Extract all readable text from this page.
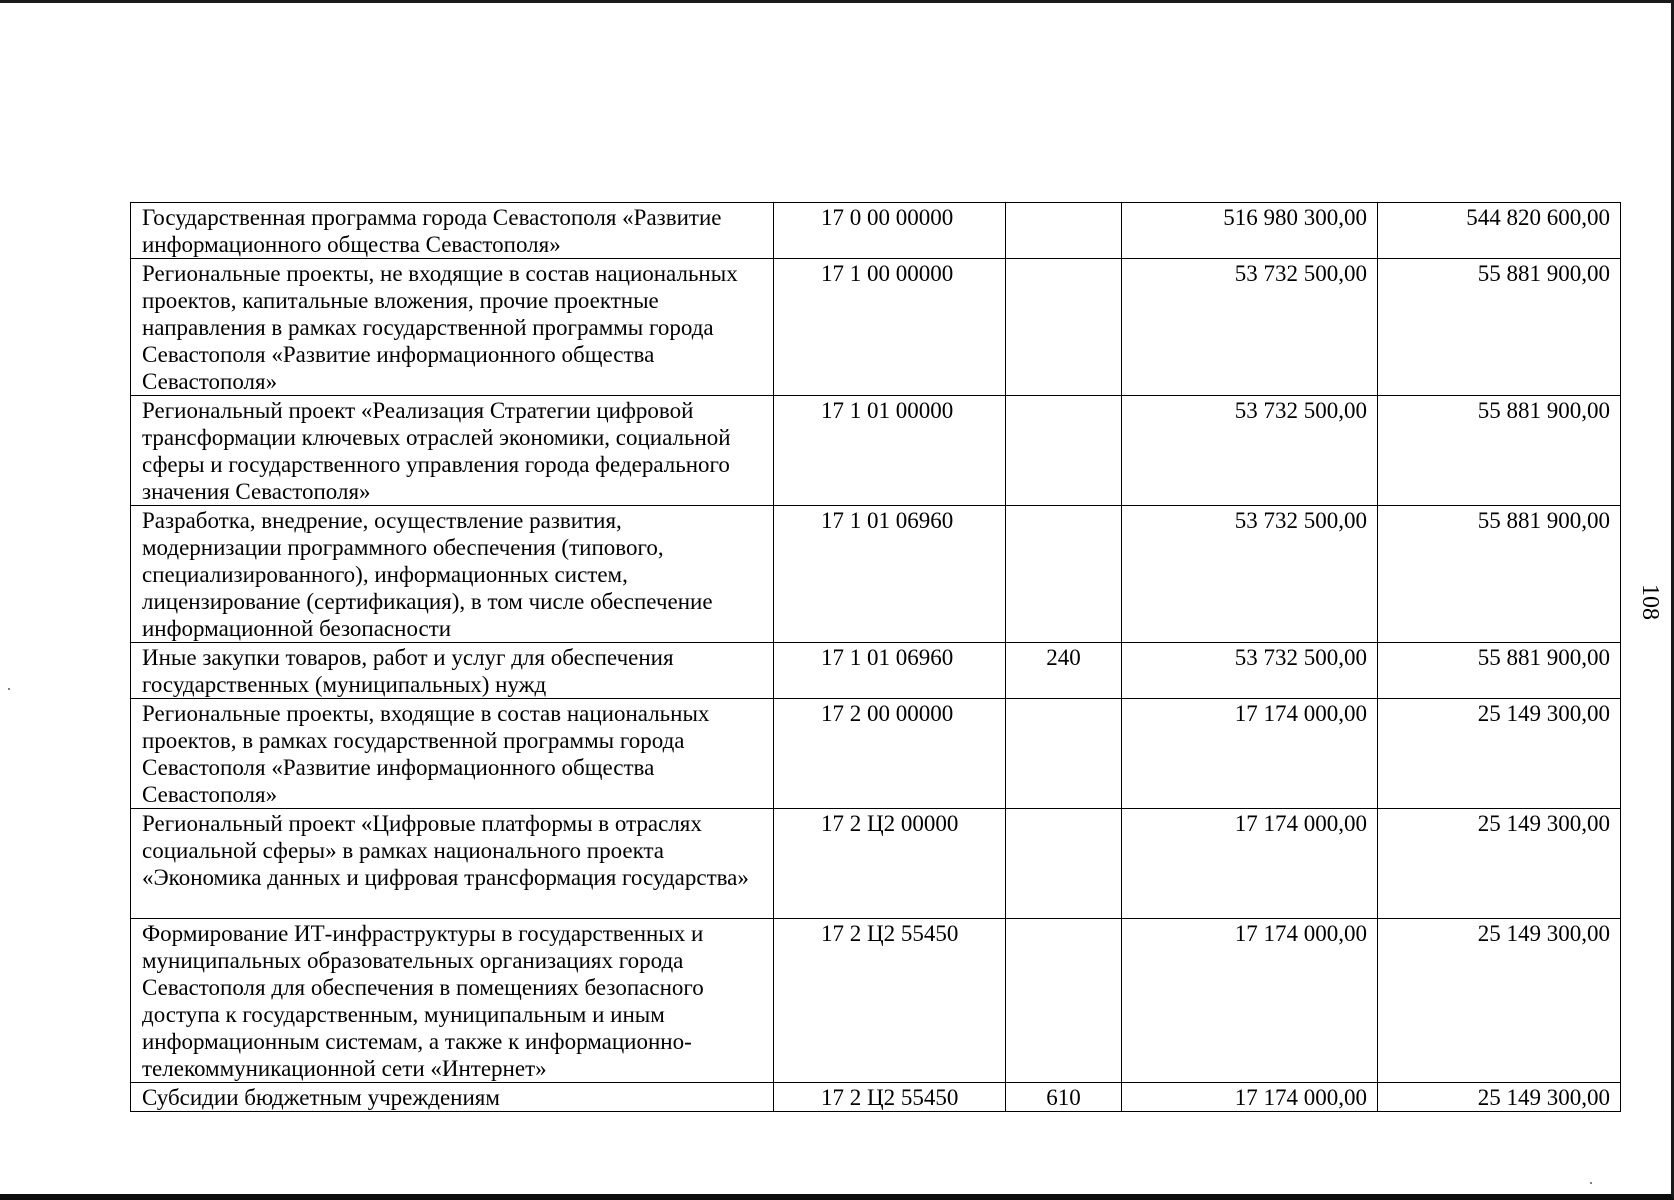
Государственная программа города Севастополя «Развитие информационного общества Севастополя»	17 0 00 00000		516 980 300,00	544 820 600,00
Региональные проекты, не входящие в состав национальных проектов, капитальные вложения, прочие проектные направления в рамках государственной программы города Севастополя «Развитие информационного общества Севастополя»	17 1 00 00000		53 732 500,00	55 881 900,00
Региональный проект «Реализация Стратегии цифровой трансформации ключевых отраслей экономики, социальной сферы и государственного управления города федерального значения Севастополя»	17 1 01 00000		53 732 500,00	55 881 900,00
Разработка, внедрение, осуществление развития, модернизации программного обеспечения (типового, специализированного), информационных систем, лицензирование (сертификация), в том числе обеспечение информационной безопасности	17 1 01 06960		53 732 500,00	55 881 900,00
Иные закупки товаров, работ и услуг для обеспечения государственных (муниципальных) нужд	17 1 01 06960	240	53 732 500,00	55 881 900,00
Региональные проекты, входящие в состав национальных проектов, в рамках государственной программы города Севастополя «Развитие информационного общества Севастополя»	17 2 00 00000		17 174 000,00	25 149 300,00
Региональный проект «Цифровые платформы в отраслях социальной сферы» в рамках национального проекта «Экономика данных и цифровая трансформация государства»	17 2 Ц2 00000		17 174 000,00	25 149 300,00
Формирование ИТ-инфраструктуры в государственных и муниципальных образовательных организациях города Севастополя для обеспечения в помещениях безопасного доступа к государственным, муниципальным и иным информационным системам, а также к информационно-телекоммуникационной сети «Интернет»	17 2 Ц2 55450		17 174 000,00	25 149 300,00
Субсидии бюджетным учреждениям	17 2 Ц2 55450	610	17 174 000,00	25 149 300,00
108
